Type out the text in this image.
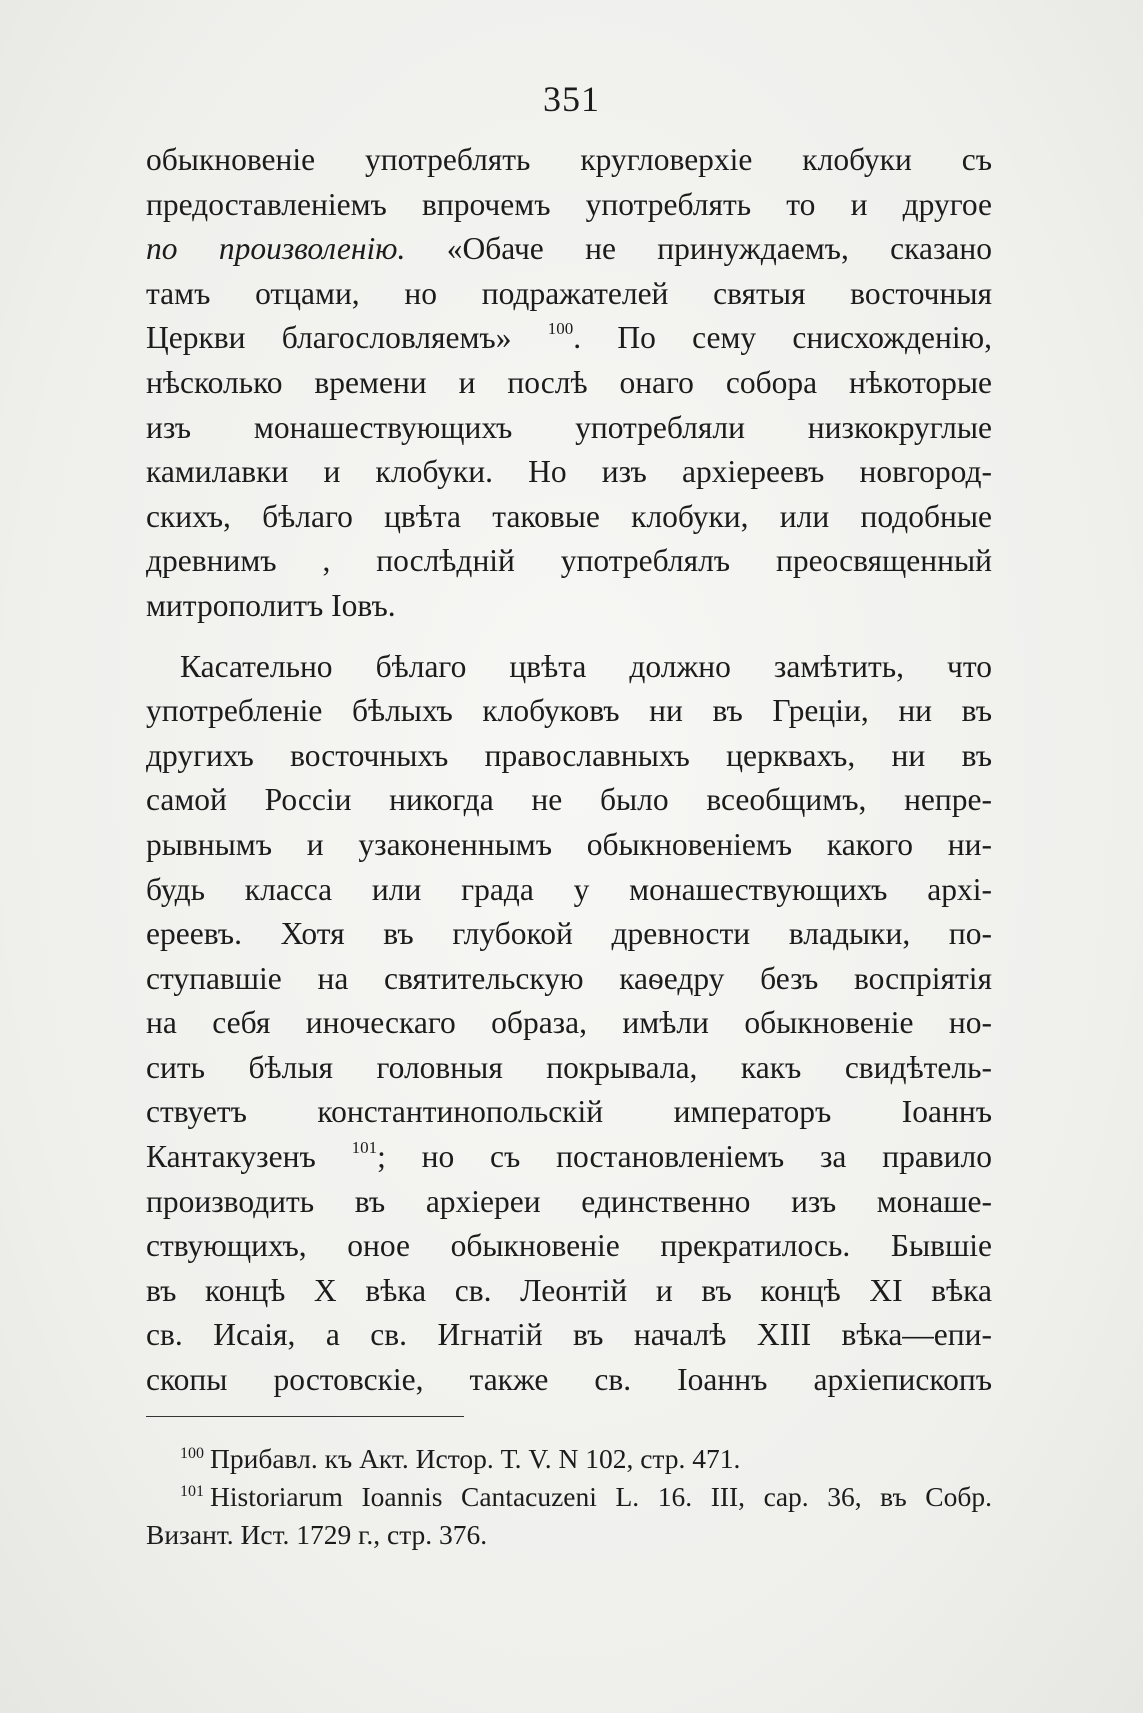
351
обыкновеніе употреблять кругловерхіе клобуки съ
предоставленіемъ впрочемъ употреблять то и другое
по произволенію. «Обаче не принуждаемъ, сказано
тамъ отцами, но подражателей святыя восточныя
Церкви благословляемъ» $^{100}$. По сему снисхожденію,
нѣсколько времени и послѣ онаго собора нѣкоторые
изъ монашествующихъ употребляли низкокруглые
камилавки и клобуки. Но изъ архіереевъ новгород-
скихъ, бѣлаго цвѣта таковые клобуки, или подобные
древнимъ , послѣдній употреблялъ преосвященный
митрополитъ Іовъ.
Касательно бѣлаго цвѣта должно замѣтить, что
употребленіе бѣлыхъ клобуковъ ни въ Греціи, ни въ
другихъ восточныхъ православныхъ церквахъ, ни въ
самой Россіи никогда не было всеобщимъ, непре-
рывнымъ и узаконеннымъ обыкновеніемъ какого ни-
будь класса или града у монашествующихъ архі-
ереевъ. Хотя въ глубокой древности владыки, по-
ступавшіе на святительскую каѳедру безъ воспріятія
на себя иноческаго образа, имѣли обыкновеніе но-
сить бѣлыя головныя покрывала, какъ свидѣтель-
ствуетъ константинопольскій императоръ Іоаннъ
Кантакузенъ $^{101}$; но съ постановленіемъ за правило
производить въ архіереи единственно изъ монаше-
ствующихъ, оное обыкновеніе прекратилось. Бывшіе
въ концѣ Х вѣка св. Леонтій и въ концѣ XI вѣка
св. Исаія, а св. Игнатій въ началѣ XIII вѣка—епи-
скопы ростовскіе, также св. Іоаннъ архіепископъ
$^{100}$ Прибавл. къ Акт. Истор. Т. V. N 102, стр. 471.
$^{101}$ Historiarum Ioannis Cantacuzeni L. 16. III, cap. 36, въ Собр.
Визант. Ист. 1729 г., стр. 376.
